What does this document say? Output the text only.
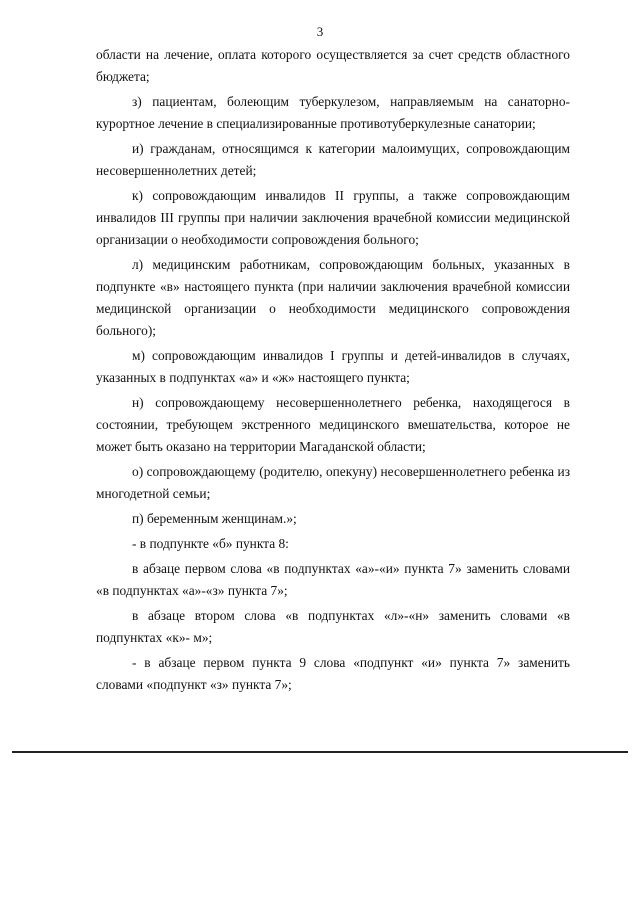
3

области на лечение, оплата которого осуществляется за счет средств областного бюджета;

з) пациентам, болеющим туберкулезом, направляемым на санаторно-курортное лечение в специализированные противотуберкулезные санатории;

и) гражданам, относящимся к категории малоимущих, сопровождающим несовершеннолетних детей;

к) сопровождающим инвалидов II группы, а также сопровождающим инвалидов III группы при наличии заключения врачебной комиссии медицинской организации о необходимости сопровождения больного;

л) медицинским работникам, сопровождающим больных, указанных в подпункте «в» настоящего пункта (при наличии заключения врачебной комиссии медицинской организации о необходимости медицинского сопровождения больного);

м) сопровождающим инвалидов I группы и детей-инвалидов в случаях, указанных в подпунктах «а» и «ж» настоящего пункта;

н) сопровождающему несовершеннолетнего ребенка, находящегося в состоянии, требующем экстренного медицинского вмешательства, которое не может быть оказано на территории Магаданской области;

о) сопровождающему (родителю, опекуну) несовершеннолетнего ребенка из многодетной семьи;

п) беременным женщинам.»;

- в подпункте «б» пункта 8:

в абзаце первом слова «в подпунктах «а»-«и» пункта 7» заменить словами «в подпунктах «а»-«з» пункта 7»;

в абзаце втором слова «в подпунктах «л»-«н» заменить словами «в подпунктах «к»- м»;

- в абзаце первом пункта 9 слова «подпункт «и» пункта 7» заменить словами «подпункт «з» пункта 7»;
